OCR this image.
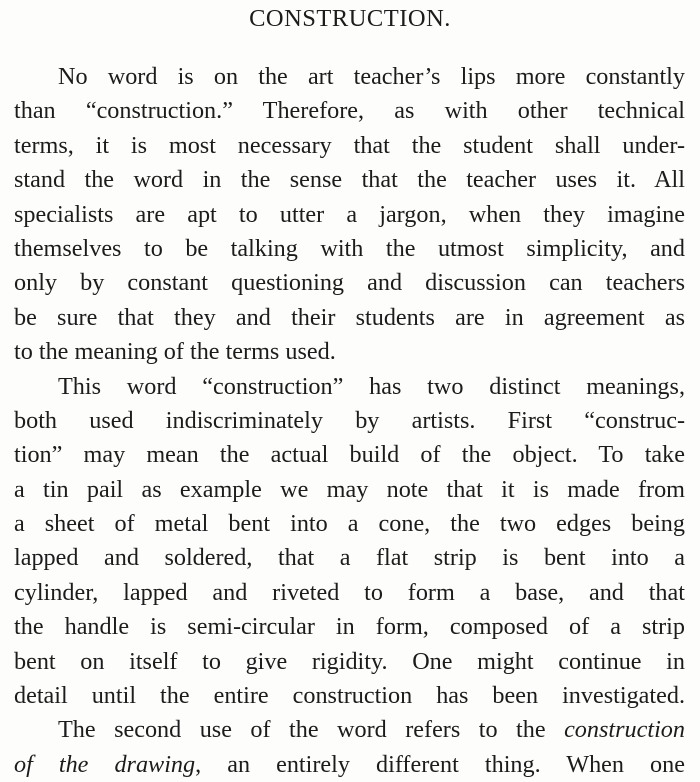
CONSTRUCTION.
No word is on the art teacher’s lips more constantly
than “construction.” Therefore, as with other technical
terms, it is most necessary that the student shall under-
stand the word in the sense that the teacher uses it. All
specialists are apt to utter a jargon, when they imagine
themselves to be talking with the utmost simplicity, and
only by constant questioning and discussion can teachers
be sure that they and their students are in agreement as
to the meaning of the terms used.
This word “construction” has two distinct meanings,
both used indiscriminately by artists. First “construc-
tion” may mean the actual build of the object. To take
a tin pail as example we may note that it is made from
a sheet of metal bent into a cone, the two edges being
lapped and soldered, that a flat strip is bent into a
cylinder, lapped and riveted to form a base, and that
the handle is semi-circular in form, composed of a strip
bent on itself to give rigidity. One might continue in
detail until the entire construction has been investigated.
The second use of the word refers to the construction
of the drawing, an entirely different thing. When one
